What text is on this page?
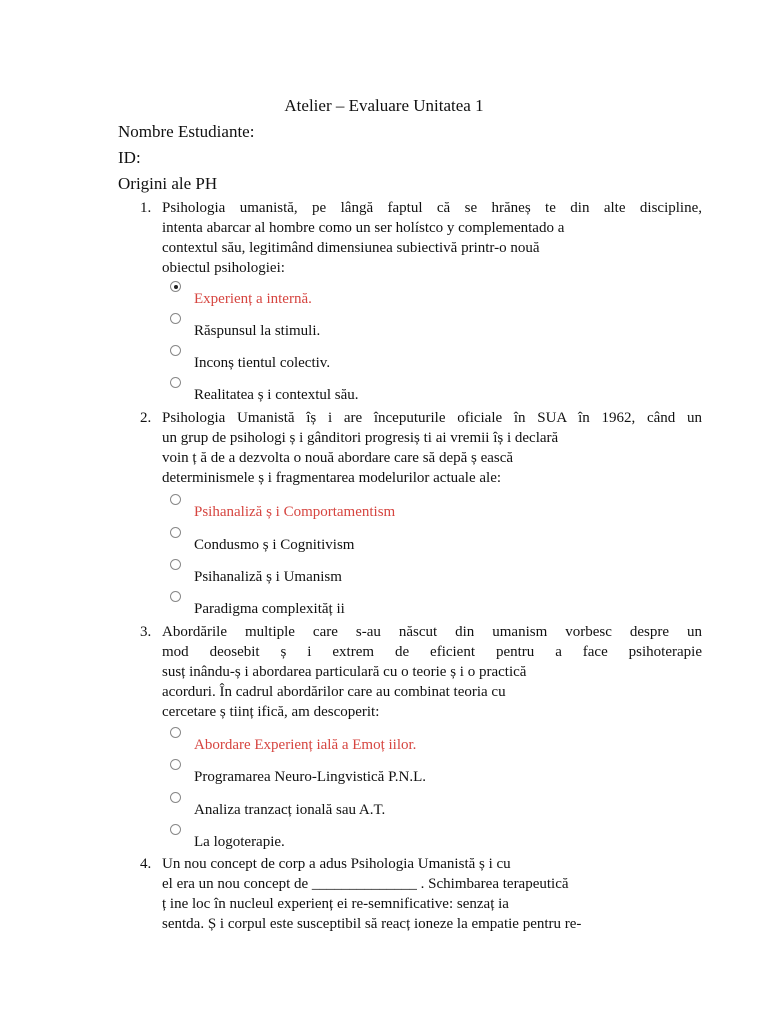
Atelier – Evaluare Unitatea 1
Nombre Estudiante:
ID:
Origini ale PH
1. Psihologia umanistă, pe lângă faptul că se hrăneș te din alte discipline,
intenta abarcar al hombre como un ser holístco y complementado a
contextul său, legitimând dimensiunea subiectivă printr-o nouă
obiectul psihologiei:
Experienț a internă.
Răspunsul la stimuli.
Inconș tientul colectiv.
Realitatea ș i contextul său.
2. Psihologia Umanistă îș i are începuturile oficiale în SUA în 1962, când un
un grup de psihologi ș i gânditori progresiș ti ai vremii îș i declară
voin ț ă de a dezvolta o nouă abordare care să depă ș ească
determinismele ș i fragmentarea modelurilor actuale ale:
Psihanaliză ș i Comportamentism
Condusmo ș i Cognitivism
Psihanaliză ș i Umanism
Paradigma complexităț ii
3. Abordările multiple care s-au născut din umanism vorbesc despre un
mod deosebit ș i extrem de eficient pentru a face psihoterapie
susț inându-ș i abordarea particulară cu o teorie ș i o practică
acorduri. În cadrul abordărilor care au combinat teoria cu
cercetare ș tiinț ifică, am descoperit:
Abordare Experienț ială a Emoț iilor.
Programarea Neuro-Lingvistică P.N.L.
Analiza tranzacț ională sau A.T.
La logoterapie.
4. Un nou concept de corp a adus Psihologia Umanistă ș i cu
el era un nou concept de ______________ . Schimbarea terapeutică
ț ine loc în nucleul experienț ei re-semnificative: senzaț ia
sentda. Ș i corpul este susceptibil să reacț ioneze la empatie pentru re-
